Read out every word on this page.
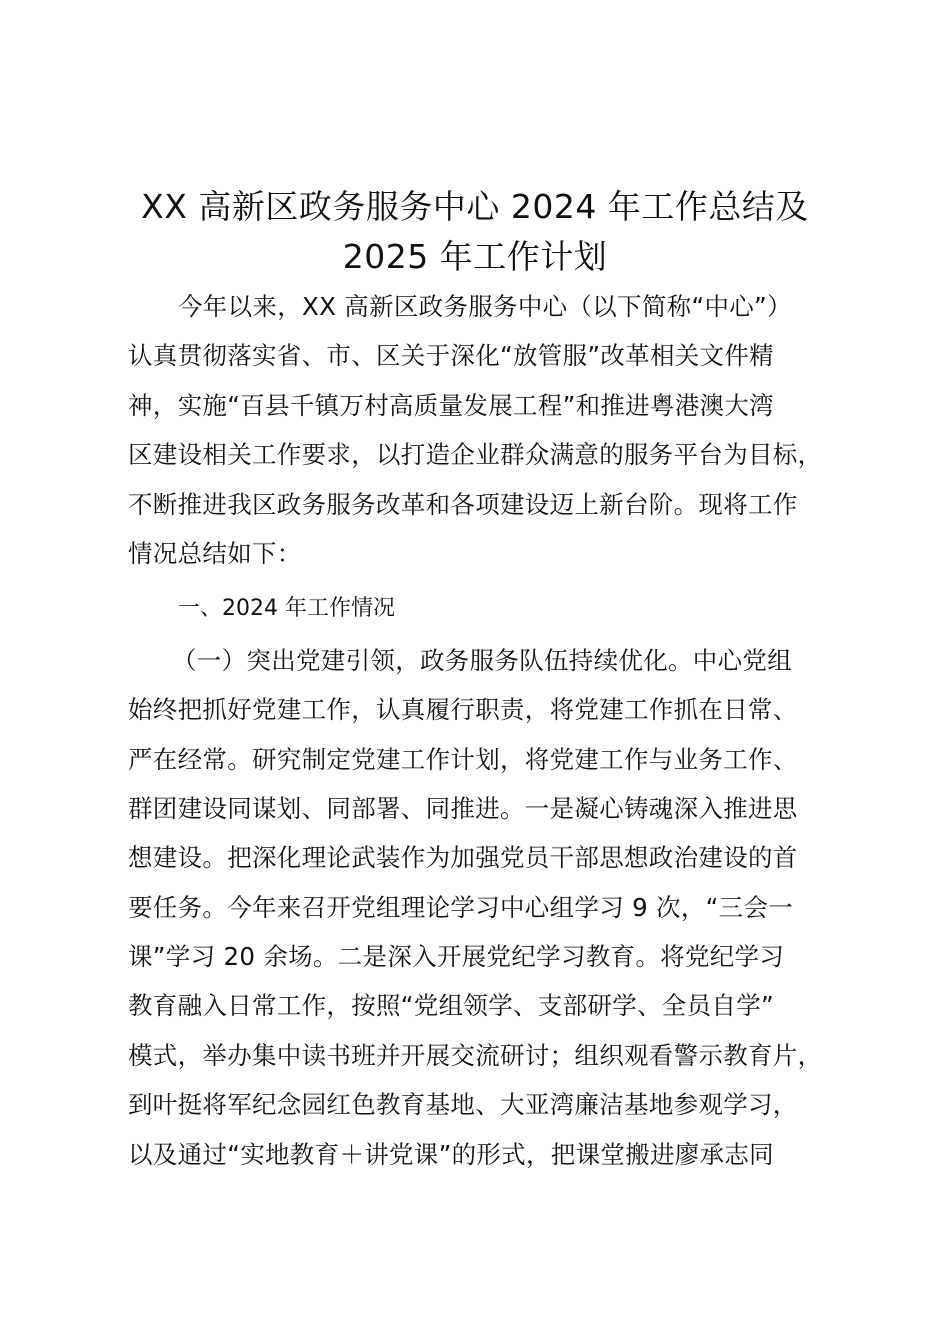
XX 高新区政务服务中心 2024 年工作总结及
2025 年工作计划
今年以来，XX 高新区政务服务中心（以下简称“中心”）
认真贯彻落实省、市、区关于深化“放管服”改革相关文件精
神，实施“百县千镇万村高质量发展工程”和推进粤港澳大湾
区建设相关工作要求，以打造企业群众满意的服务平台为目标，
不断推进我区政务服务改革和各项建设迈上新台阶。现将工作
情况总结如下：
一、2024 年工作情况
（一）突出党建引领，政务服务队伍持续优化。中心党组
始终把抓好党建工作，认真履行职责，将党建工作抓在日常、
严在经常。研究制定党建工作计划，将党建工作与业务工作、
群团建设同谋划、同部署、同推进。一是凝心铸魂深入推进思
想建设。把深化理论武装作为加强党员干部思想政治建设的首
要任务。今年来召开党组理论学习中心组学习 9 次，“三会一
课”学习 20 余场。二是深入开展党纪学习教育。将党纪学习
教育融入日常工作，按照“党组领学、支部研学、全员自学”
模式，举办集中读书班并开展交流研讨；组织观看警示教育片，
到叶挺将军纪念园红色教育基地、大亚湾廉洁基地参观学习，
以及通过“实地教育＋讲党课”的形式，把课堂搬进廖承志同
